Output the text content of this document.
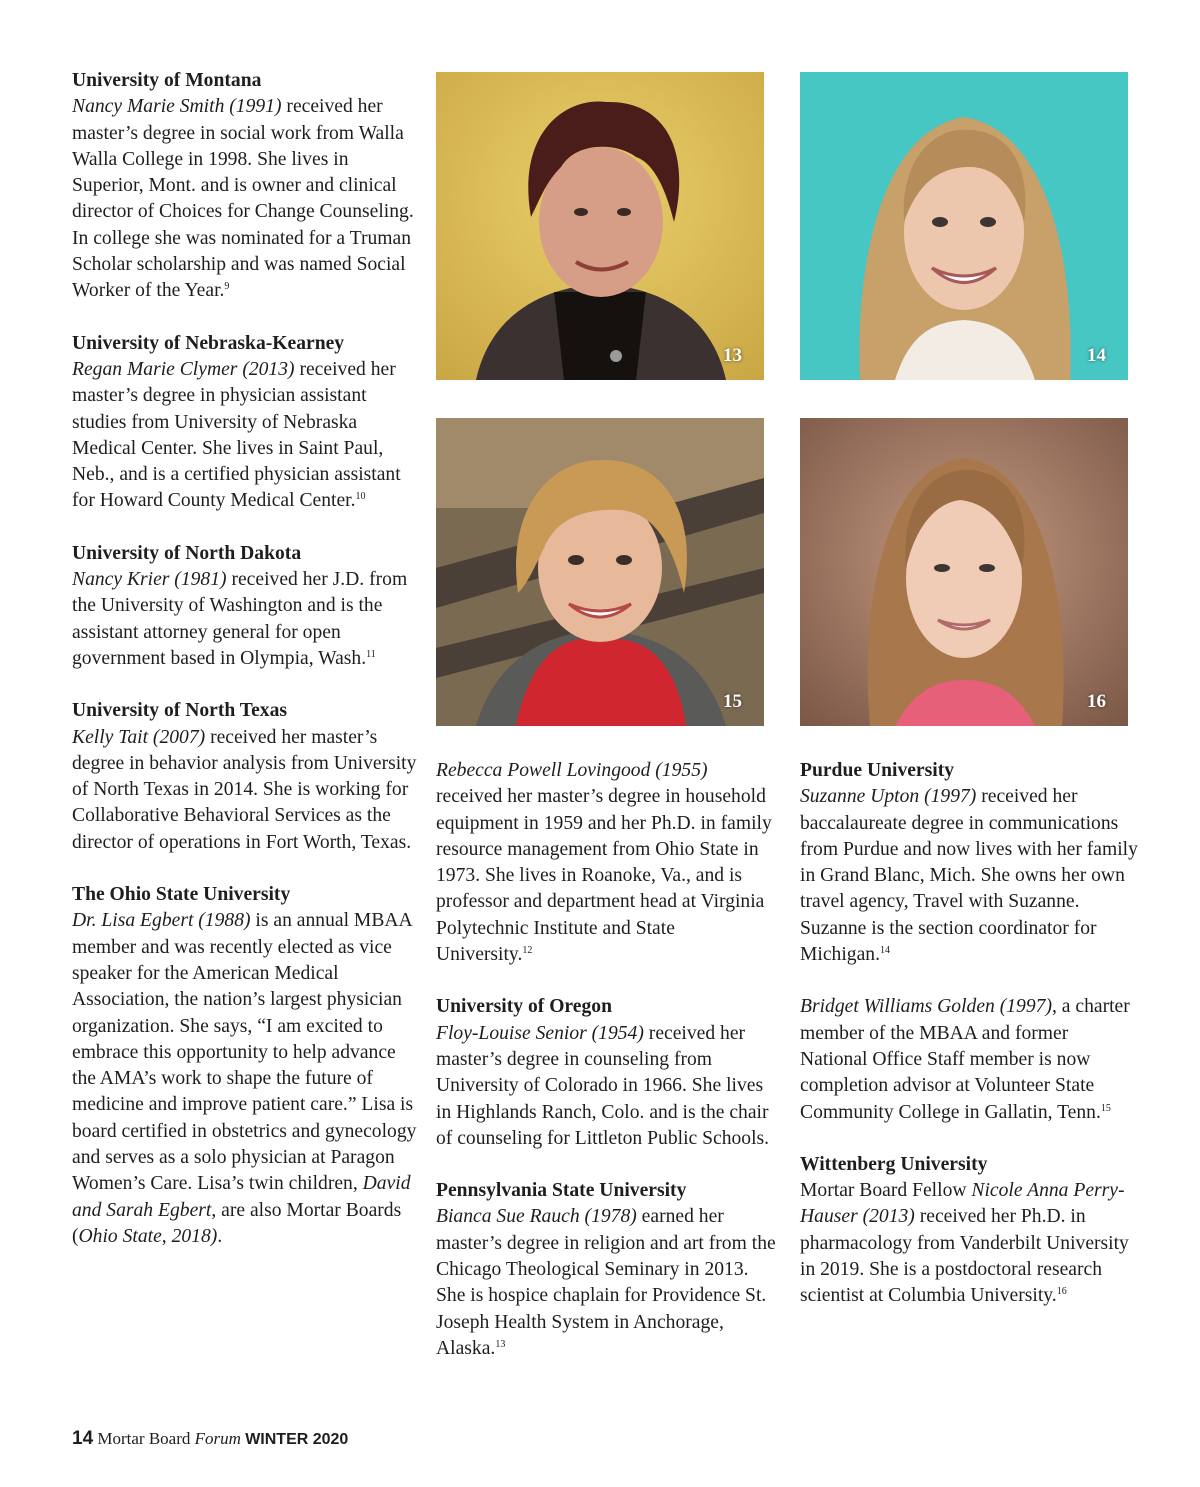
University of Montana
Nancy Marie Smith (1991) received her master’s degree in social work from Walla Walla College in 1998. She lives in Superior, Mont. and is owner and clinical director of Choices for Change Counseling. In college she was nominated for a Truman Scholar scholarship and was named Social Worker of the Year.$^9$

University of Nebraska-Kearney
Regan Marie Clymer (2013) received her master’s degree in physician assistant studies from University of Nebraska Medical Center. She lives in Saint Paul, Neb., and is a certified physician assistant for Howard County Medical Center.$^{10}$

University of North Dakota
Nancy Krier (1981) received her J.D. from the University of Washington and is the assistant attorney general for open government based in Olympia, Wash.$^{11}$

University of North Texas
Kelly Tait (2007) received her master’s degree in behavior analysis from University of North Texas in 2014. She is working for Collaborative Behavioral Services as the director of operations in Fort Worth, Texas.

The Ohio State University
Dr. Lisa Egbert (1988) is an annual MBAA member and was recently elected as vice speaker for the American Medical Association, the nation’s largest physician organization. She says, “I am excited to embrace this opportunity to help advance the AMA’s work to shape the future of medicine and improve patient care.” Lisa is board certified in obstetrics and gynecology and serves as a solo physician at Paragon Women’s Care. Lisa’s twin children, David and Sarah Egbert, are also Mortar Boards (Ohio State, 2018).

13	14
15	16

Rebecca Powell Lovingood (1955) received her master’s degree in household equipment in 1959 and her Ph.D. in family resource management from Ohio State in 1973. She lives in Roanoke, Va., and is professor and department head at Virginia Polytechnic Institute and State University.$^{12}$

University of Oregon
Floy-Louise Senior (1954) received her master’s degree in counseling from University of Colorado in 1966. She lives in Highlands Ranch, Colo. and is the chair of counseling for Littleton Public Schools.

Pennsylvania State University
Bianca Sue Rauch (1978) earned her master’s degree in religion and art from the Chicago Theological Seminary in 2013. She is hospice chaplain for Providence St. Joseph Health System in Anchorage, Alaska.$^{13}$

Purdue University
Suzanne Upton (1997) received her baccalaureate degree in communications from Purdue and now lives with her family in Grand Blanc, Mich. She owns her own travel agency, Travel with Suzanne. Suzanne is the section coordinator for Michigan.$^{14}$

Bridget Williams Golden (1997), a charter member of the MBAA and former National Office Staff member is now completion advisor at Volunteer State Community College in Gallatin, Tenn.$^{15}$

Wittenberg University
Mortar Board Fellow Nicole Anna Perry-Hauser (2013) received her Ph.D. in pharmacology from Vanderbilt University in 2019. She is a postdoctoral research scientist at Columbia University.$^{16}$

14 Mortar Board Forum WINTER 2020
